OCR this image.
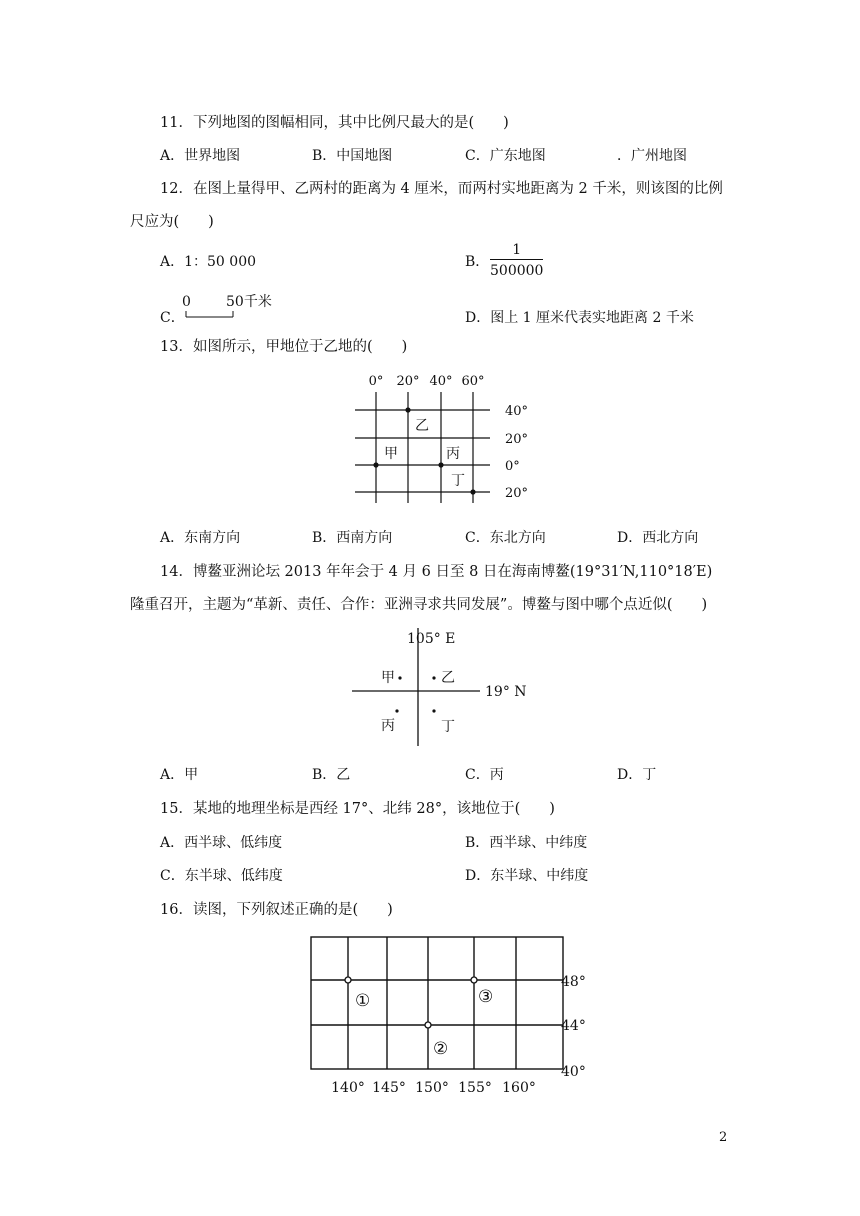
11．下列地图的图幅相同，其中比例尺最大的是(　　)
A．世界地图	B．中国地图	C．广东地图	．广州地图
12．在图上量得甲、乙两村的距离为 4 厘米，而两村实地距离为 2 千米，则该图的比例
尺应为(　　)
A．1：50 000	B． $\frac{1}{500000}$
C．
0	50千米
D．图上 1 厘米代表实地距离 2 千米
13．如图所示，甲地位于乙地的(　　)
0° 20° 40° 60°
40°
20°
0°
20°
乙
甲	丙
丁
A．东南方向	B．西南方向	C．东北方向	D．西北方向
14．博鳌亚洲论坛 2013 年年会于 4 月 6 日至 8 日在海南博鳌(19°31′N,110°18′E)
隆重召开，主题为“革新、责任、合作：亚洲寻求共同发展”。博鳌与图中哪个点近似(　　)
105° E
19° N
甲	乙
丙	丁
A．甲	B．乙	C．丙	D．丁
15．某地的地理坐标是西经 17°、北纬 28°，该地位于(　　)
A．西半球、低纬度	B．西半球、中纬度
C．东半球、低纬度	D．东半球、中纬度
16．读图，下列叙述正确的是(　　)
48°
44°
40°
140° 145° 150° 155° 160°
①
②
③
2
